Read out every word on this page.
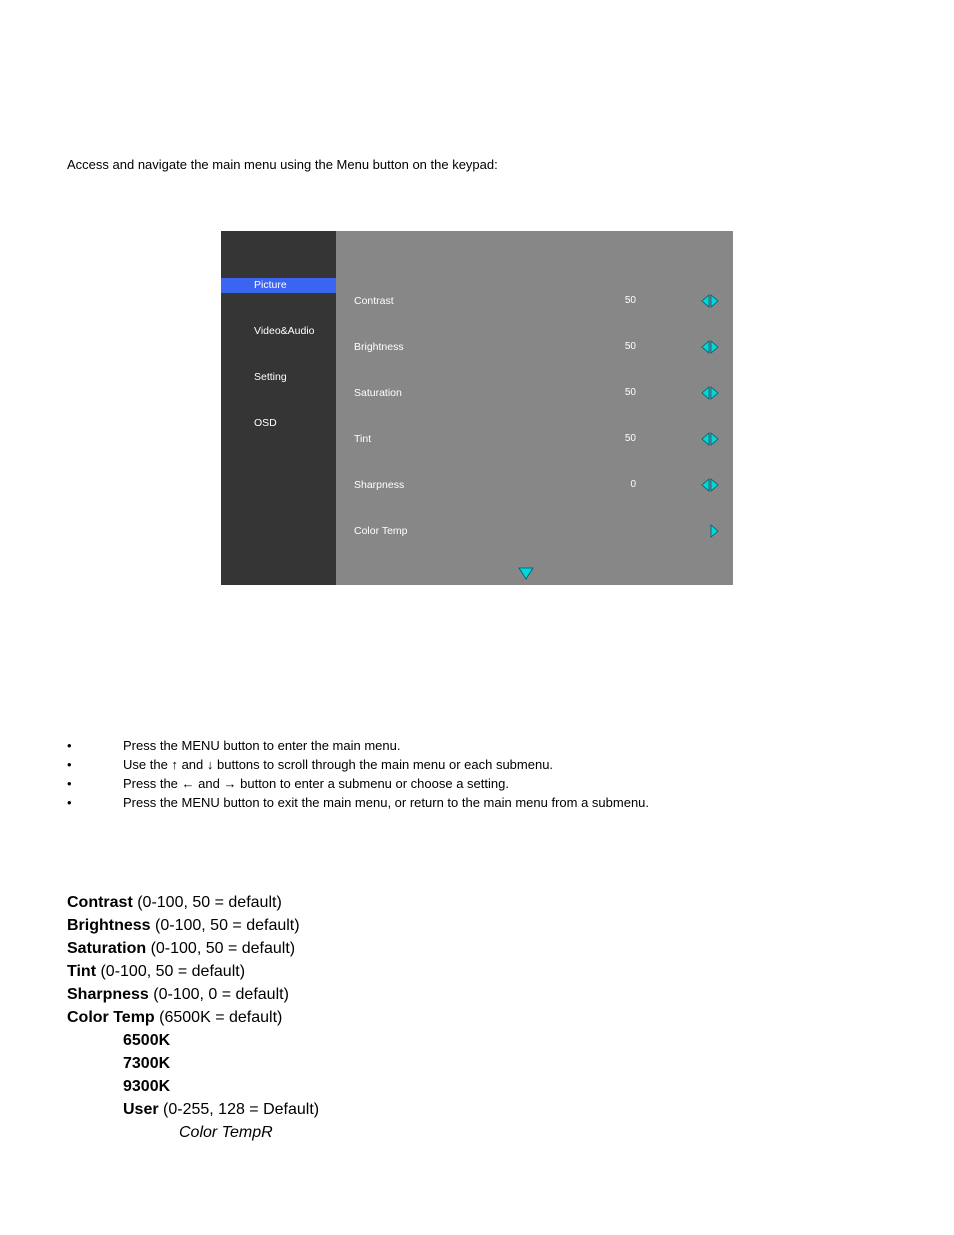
Access and navigate the main menu using the Menu button on the keypad:
Picture
Video&Audio
Setting
OSD
Contrast	50
Brightness	50
Saturation	50
Tint	50
Sharpness	0
Color Temp
•	Press the MENU button to enter the main menu.
•	Use the ↑ and ↓ buttons to scroll through the main menu or each submenu.
•	Press the ← and → button to enter a submenu or choose a setting.
•	Press the MENU button to exit the main menu, or return to the main menu from a submenu.
Contrast (0-100, 50 = default)
Brightness (0-100, 50 = default)
Saturation (0-100, 50 = default)
Tint (0-100, 50 = default)
Sharpness (0-100, 0 = default)
Color Temp (6500K = default)
6500K
7300K
9300K
User (0-255, 128 = Default)
Color TempR
